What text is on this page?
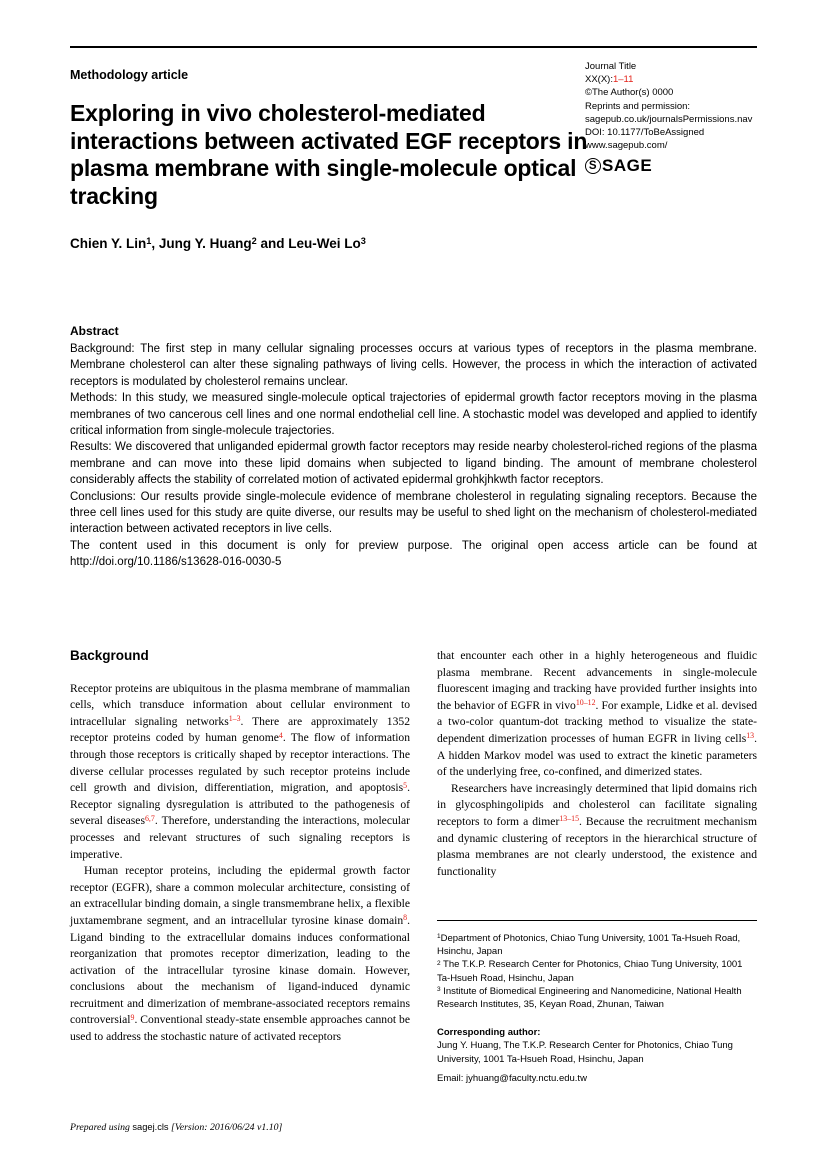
Methodology article
Journal Title
XX(X):1–11
©The Author(s) 0000
Reprints and permission:
sagepub.co.uk/journalsPermissions.nav
DOI: 10.1177/ToBeAssigned
www.sagepub.com/
S SAGE
Exploring in vivo cholesterol-mediated interactions between activated EGF receptors in plasma membrane with single-molecule optical tracking
Chien Y. Lin$^1$, Jung Y. Huang$^2$ and Leu-Wei Lo$^3$
Abstract

Background: The first step in many cellular signaling processes occurs at various types of receptors in the plasma membrane. Membrane cholesterol can alter these signaling pathways of living cells. However, the process in which the interaction of activated receptors is modulated by cholesterol remains unclear.

Methods: In this study, we measured single-molecule optical trajectories of epidermal growth factor receptors moving in the plasma membranes of two cancerous cell lines and one normal endothelial cell line. A stochastic model was developed and applied to identify critical information from single-molecule trajectories.

Results: We discovered that unliganded epidermal growth factor receptors may reside nearby cholesterol-riched regions of the plasma membrane and can move into these lipid domains when subjected to ligand binding. The amount of membrane cholesterol considerably affects the stability of correlated motion of activated epidermal grohkjhkwth factor receptors.

Conclusions: Our results provide single-molecule evidence of membrane cholesterol in regulating signaling receptors. Because the three cell lines used for this study are quite diverse, our results may be useful to shed light on the mechanism of cholesterol-mediated interaction between activated receptors in live cells.

The content used in this document is only for preview purpose. The original open access article can be found at http://doi.org/10.1186/s13628-016-0030-5

Background

Receptor proteins are ubiquitous in the plasma membrane of mammalian cells, which transduce information about cellular environment to intracellular signaling networks$^{1-3}$. There are approximately 1352 receptor proteins coded by human genome$^4$. The flow of information through those receptors is critically shaped by receptor interactions. The diverse cellular processes regulated by such receptor proteins include cell growth and division, differentiation, migration, and apoptosis$^5$. Receptor signaling dysregulation is attributed to the pathogenesis of several diseases$^{6,7}$. Therefore, understanding the interactions, molecular processes and relevant structures of such signaling receptors is imperative.

Human receptor proteins, including the epidermal growth factor receptor (EGFR), share a common molecular architecture, consisting of an extracellular binding domain, a single transmembrane helix, a flexible juxtamembrane segment, and an intracellular tyrosine kinase domain$^8$. Ligand binding to the extracellular domains induces conformational reorganization that promotes receptor dimerization, leading to the activation of the intracellular tyrosine kinase domain. However, conclusions about the mechanism of ligand-induced dynamic recruitment and dimerization of membrane-associated receptors remains controversial$^9$. Conventional steady-state ensemble approaches cannot be used to address the stochastic nature of activated receptors

that encounter each other in a highly heterogeneous and fluidic plasma membrane. Recent advancements in single-molecule fluorescent imaging and tracking have provided further insights into the behavior of EGFR in vivo$^{10-12}$. For example, Lidke et al. devised a two-color quantum-dot tracking method to visualize the state-dependent dimerization processes of human EGFR in living cells$^{13}$. A hidden Markov model was used to extract the kinetic parameters of the underlying free, co-confined, and dimerized states.

Researchers have increasingly determined that lipid domains rich in glycosphingolipids and cholesterol can facilitate signaling receptors to form a dimer$^{13-15}$. Because the recruitment mechanism and dynamic clustering of receptors in the hierarchical structure of plasma membranes are not clearly understood, the existence and functionality

$^1$Department of Photonics, Chiao Tung University, 1001 Ta-Hsueh Road, Hsinchu, Japan

$^2$ The T.K.P. Research Center for Photonics, Chiao Tung University, 1001 Ta-Hsueh Road, Hsinchu, Japan

$^3$ Institute of Biomedical Engineering and Nanomedicine, National Health Research Institutes, 35, Keyan Road, Zhunan, Taiwan

Corresponding author:

Jung Y. Huang, The T.K.P. Research Center for Photonics, Chiao Tung University, 1001 Ta-Hsueh Road, Hsinchu, Japan

Email: jyhuang@faculty.nctu.edu.tw

Prepared using sagej.cls [Version: 2016/06/24 v1.10]
